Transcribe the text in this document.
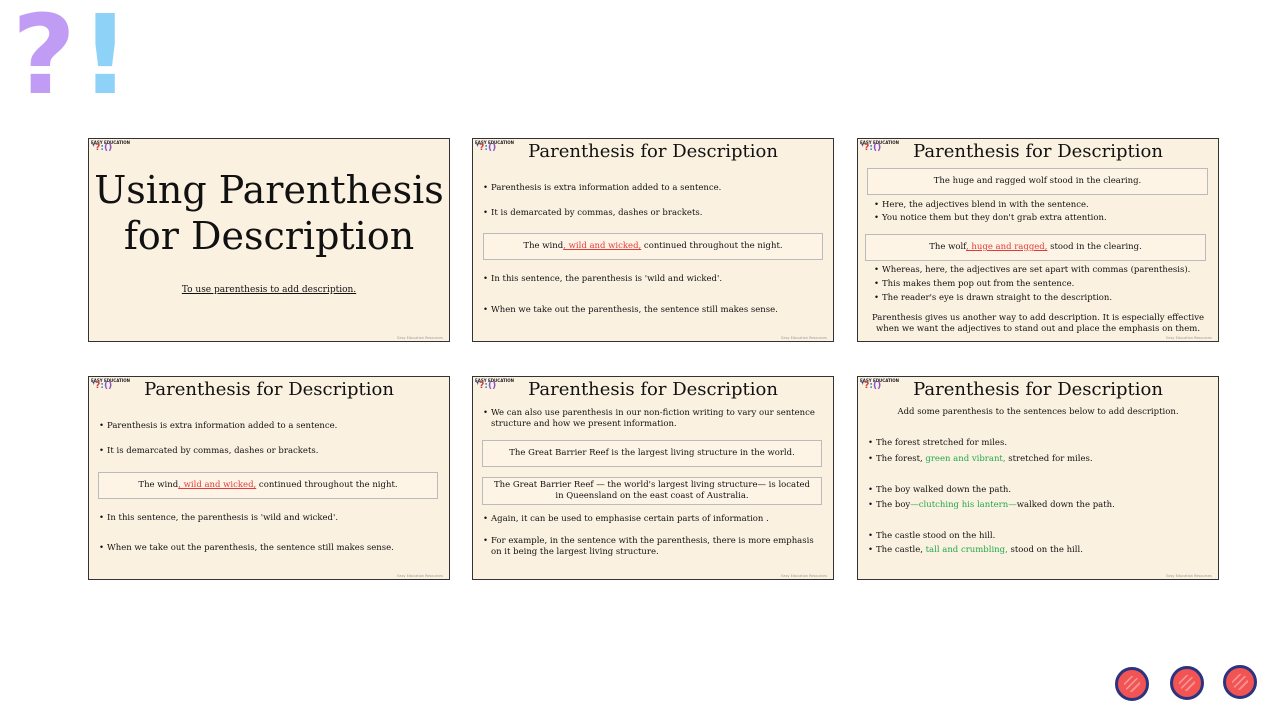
? !
EASY EDUCATION
❜?:()
Using Parenthesis
for Description
To use parenthesis to add description.
Easy Education Resources
EASY EDUCATION
❜?:()	Parenthesis for Description
• Parenthesis is extra information added to a sentence.
• It is demarcated by commas, dashes or brackets.
The wind, wild and wicked, continued throughout the night.
• In this sentence, the parenthesis is 'wild and wicked'.
• When we take out the parenthesis, the sentence still makes sense.
Easy Education Resources
EASY EDUCATION
❜?:()	Parenthesis for Description
The huge and ragged wolf stood in the clearing.
• Here, the adjectives blend in with the sentence.
• You notice them but they don't grab extra attention.
The wolf, huge and ragged, stood in the clearing.
• Whereas, here, the adjectives are set apart with commas (parenthesis).
• This makes them pop out from the sentence.
• The reader's eye is drawn straight to the description.
Parenthesis gives us another way to add description. It is especially effective when we want the adjectives to stand out and place the emphasis on them.
Easy Education Resources
EASY EDUCATION
❜?:()	Parenthesis for Description
• Parenthesis is extra information added to a sentence.
• It is demarcated by commas, dashes or brackets.
The wind, wild and wicked, continued throughout the night.
• In this sentence, the parenthesis is 'wild and wicked'.
• When we take out the parenthesis, the sentence still makes sense.
Easy Education Resources
EASY EDUCATION
❜?:()	Parenthesis for Description
• We can also use parenthesis in our non-fiction writing to vary our sentence structure and how we present information.
The Great Barrier Reef is the largest living structure in the world.
The Great Barrier Reef — the world's largest living structure— is located in Queensland on the east coast of Australia.
• Again, it can be used to emphasise certain parts of information .
• For example, in the sentence with the parenthesis, there is more emphasis on it being the largest living structure.
Easy Education Resources
EASY EDUCATION
❜?:()	Parenthesis for Description
Add some parenthesis to the sentences below to add description.
• The forest stretched for miles.
• The forest, green and vibrant, stretched for miles.
• The boy walked down the path.
• The boy—clutching his lantern—walked down the path.
• The castle stood on the hill.
• The castle, tall and crumbling, stood on the hill.
Easy Education Resources
